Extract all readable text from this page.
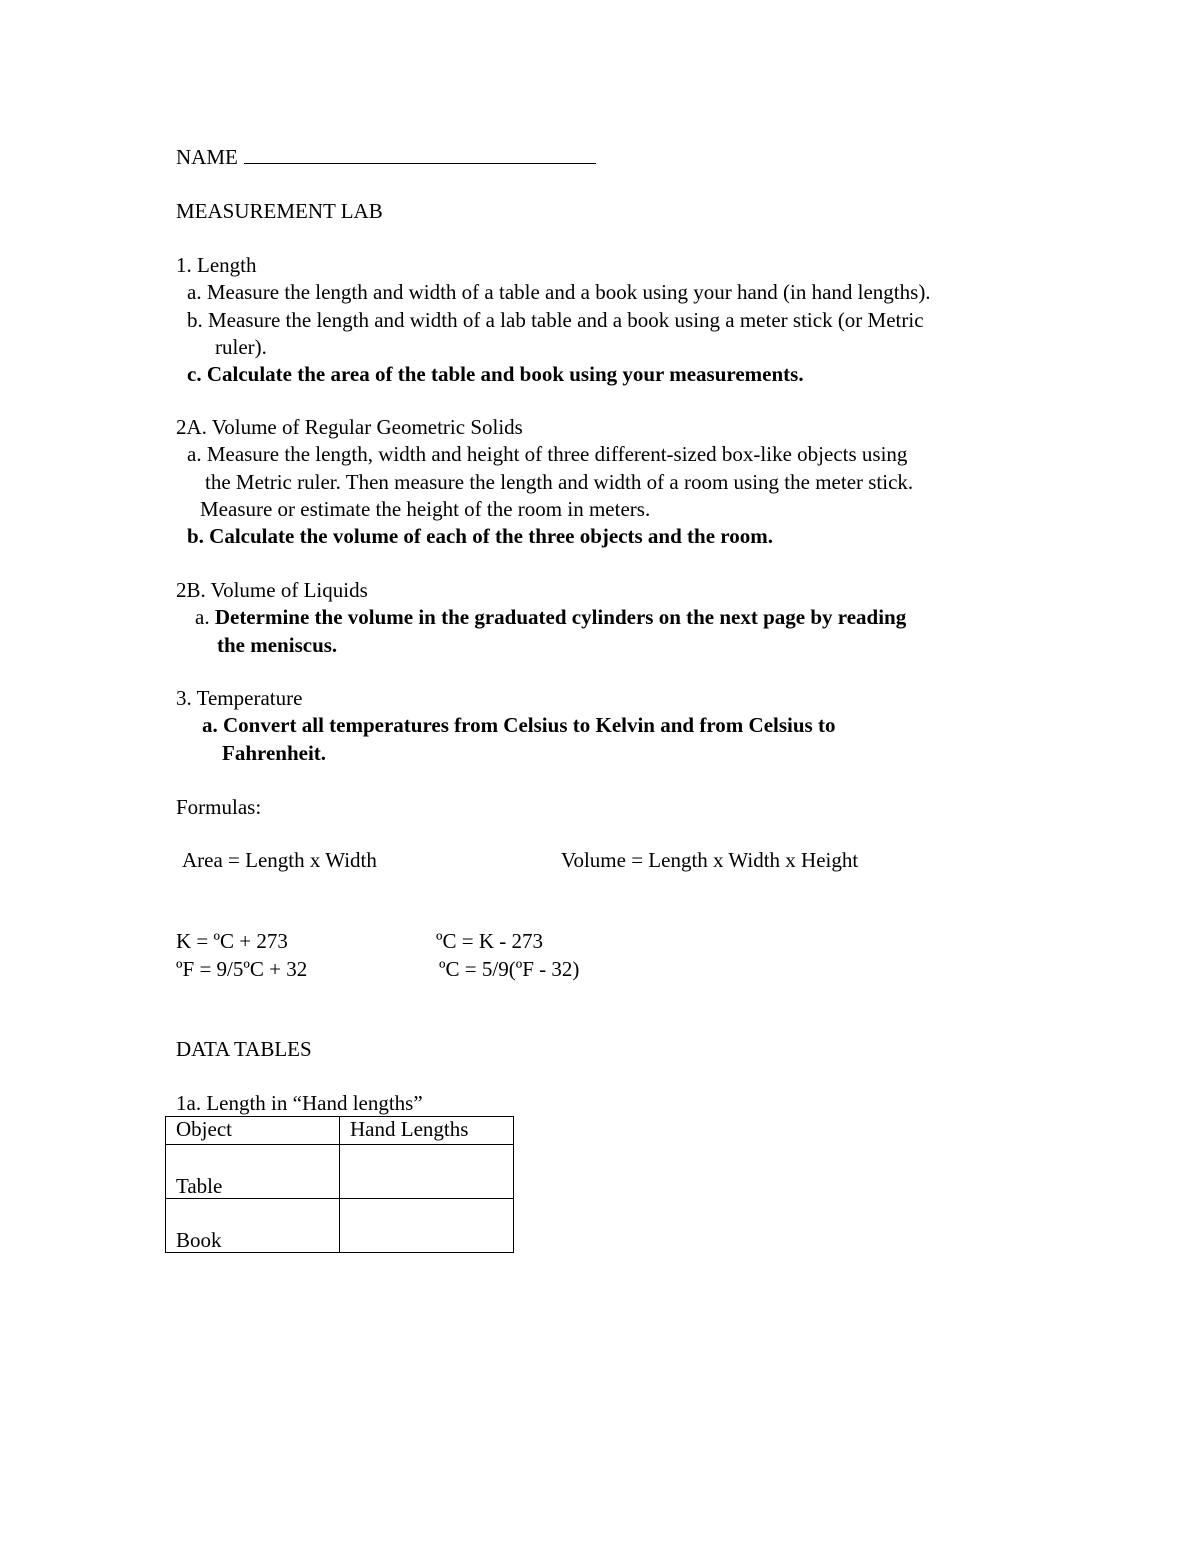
NAME
MEASUREMENT LAB
1. Length
a. Measure the length and width of a table and a book using your hand (in hand lengths).
b. Measure the length and width of a lab table and a book using a meter stick (or Metric
ruler).
c. Calculate the area of the table and book using your measurements.
2A. Volume of Regular Geometric Solids
a. Measure the length, width and height of three different-sized box-like objects using
the Metric ruler. Then measure the length and width of a room using the meter stick.
Measure or estimate the height of the room in meters.
b. Calculate the volume of each of the three objects and the room.
2B. Volume of Liquids
a. Determine the volume in the graduated cylinders on the next page by reading
the meniscus.
3. Temperature
a. Convert all temperatures from Celsius to Kelvin and from Celsius to
Fahrenheit.
Formulas:
Area = Length x Width	Volume = Length x Width x Height
K = ºC + 273	ºC = K - 273
ºF = 9/5ºC + 32	ºC = 5/9(ºF - 32)
DATA TABLES
1a. Length in “Hand lengths”
Object	Hand Lengths
Table	
Book	
